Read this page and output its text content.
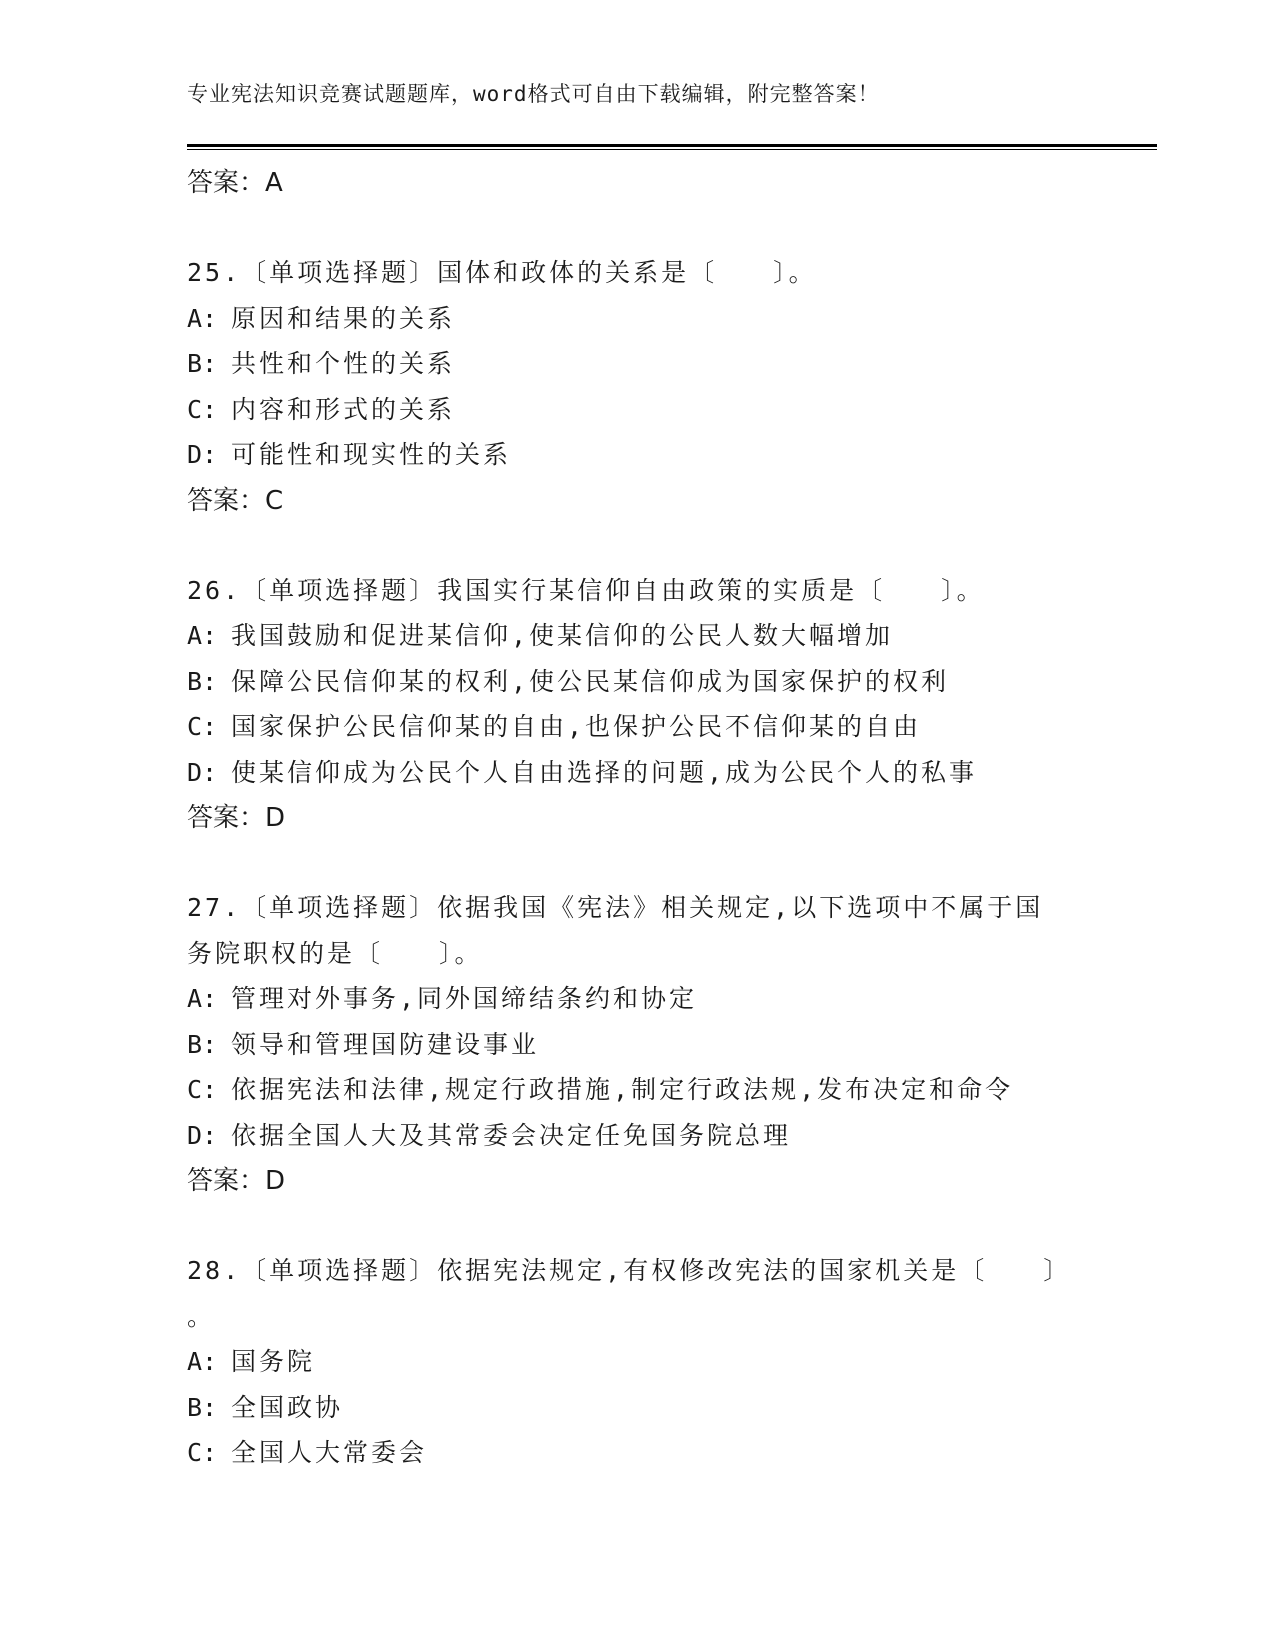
专业宪法知识竞赛试题题库，word格式可自由下载编辑，附完整答案！
答案：A
25.〔单项选择题〕国体和政体的关系是〔　　〕。
A: 原因和结果的关系
B: 共性和个性的关系
C: 内容和形式的关系
D: 可能性和现实性的关系
答案：C
26.〔单项选择题〕我国实行某信仰自由政策的实质是〔　　〕。
A: 我国鼓励和促进某信仰,使某信仰的公民人数大幅增加
B: 保障公民信仰某的权利,使公民某信仰成为国家保护的权利
C: 国家保护公民信仰某的自由,也保护公民不信仰某的自由
D: 使某信仰成为公民个人自由选择的问题,成为公民个人的私事
答案：D
27.〔单项选择题〕依据我国《宪法》相关规定,以下选项中不属于国
务院职权的是〔　　〕。
A: 管理对外事务,同外国缔结条约和协定
B: 领导和管理国防建设事业
C: 依据宪法和法律,规定行政措施,制定行政法规,发布决定和命令
D: 依据全国人大及其常委会决定任免国务院总理
答案：D
28.〔单项选择题〕依据宪法规定,有权修改宪法的国家机关是〔　　〕
。
A: 国务院
B: 全国政协
C: 全国人大常委会
